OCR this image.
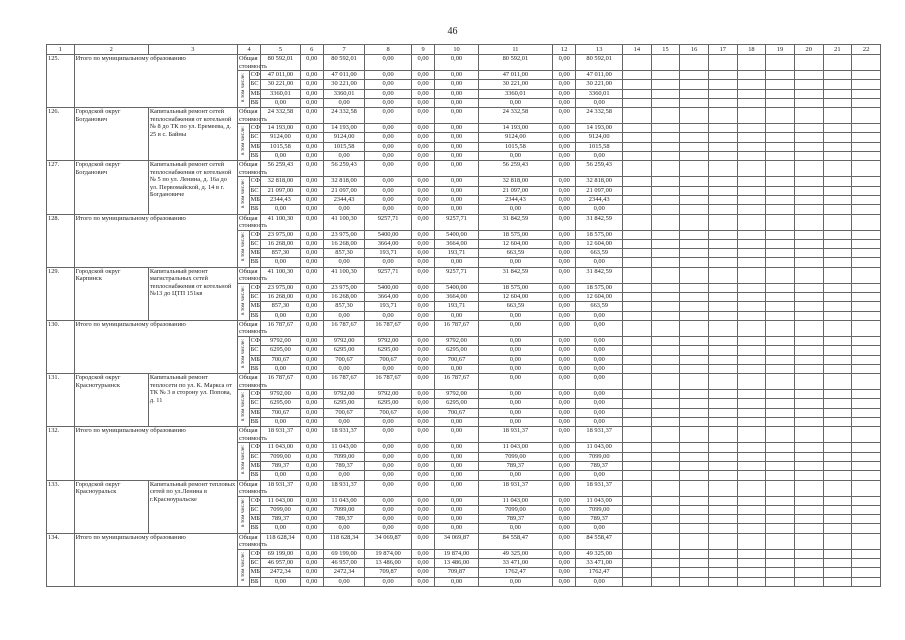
46
1	2	3	4		5	6	7	8	9	10	11	12	13	14	15	16	17	18	19	20	21	22
125.	Итого по муниципальному образованию		Общая стоимость		80 592,01	0,00	80 592,01	0,00	0,00	0,00	80 592,01	0,00	80 592,01									
			в том числе:	СФ	47 011,00	0,00	47 011,00	0,00	0,00	0,00	47 011,00	0,00	47 011,00									
				БС	30 221,00	0,00	30 221,00	0,00	0,00	0,00	30 221,00	0,00	30 221,00									
				МБ	3360,01	0,00	3360,01	0,00	0,00	0,00	3360,01	0,00	3360,01									
				ВБ	0,00	0,00	0,00	0,00	0,00	0,00	0,00	0,00	0,00									
126.	Городской округ Богданович	Капитальный ремонт сетей теплоснабжения от котельной № 8 до ТК по ул. Еремеева, д. 25 в с. Байны	Общая стоимость		24 332,58	0,00	24 332,58	0,00	0,00	0,00	24 332,58	0,00	24 332,58									
			в том числе:	СФ	14 193,00	0,00	14 193,00	0,00	0,00	0,00	14 193,00	0,00	14 193,00									
				БС	9124,00	0,00	9124,00	0,00	0,00	0,00	9124,00	0,00	9124,00									
				МБ	1015,58	0,00	1015,58	0,00	0,00	0,00	1015,58	0,00	1015,58									
				ВБ	0,00	0,00	0,00	0,00	0,00	0,00	0,00	0,00	0,00									
127.	Городской округ Богданович	Капитальный ремонт сетей теплоснабжения от котельной № 5 по ул. Ленина, д. 16а до ул. Первомайской, д. 14 в г. Богдановиче	Общая стоимость		56 259,43	0,00	56 259,43	0,00	0,00	0,00	56 259,43	0,00	56 259,43									
			в том числе:	СФ	32 818,00	0,00	32 818,00	0,00	0,00	0,00	32 818,00	0,00	32 818,00									
				БС	21 097,00	0,00	21 097,00	0,00	0,00	0,00	21 097,00	0,00	21 097,00									
				МБ	2344,43	0,00	2344,43	0,00	0,00	0,00	2344,43	0,00	2344,43									
				ВБ	0,00	0,00	0,00	0,00	0,00	0,00	0,00	0,00	0,00									
128.	Итого по муниципальному образованию		Общая стоимость		41 100,30	0,00	41 100,30	9257,71	0,00	9257,71	31 842,59	0,00	31 842,59									
			в том числе:	СФ	23 975,00	0,00	23 975,00	5400,00	0,00	5400,00	18 575,00	0,00	18 575,00									
				БС	16 268,00	0,00	16 268,00	3664,00	0,00	3664,00	12 604,00	0,00	12 604,00									
				МБ	857,30	0,00	857,30	193,71	0,00	193,71	663,59	0,00	663,59									
				ВБ	0,00	0,00	0,00	0,00	0,00	0,00	0,00	0,00	0,00									
129.	Городской округ Карпинск	Капитальный ремонт магистральных сетей теплоснабжения от котельной №13 до ЦТП 151кв	Общая стоимость		41 100,30	0,00	41 100,30	9257,71	0,00	9257,71	31 842,59	0,00	31 842,59									
			в том числе:	СФ	23 975,00	0,00	23 975,00	5400,00	0,00	5400,00	18 575,00	0,00	18 575,00									
				БС	16 268,00	0,00	16 268,00	3664,00	0,00	3664,00	12 604,00	0,00	12 604,00									
				МБ	857,30	0,00	857,30	193,71	0,00	193,71	663,59	0,00	663,59									
				ВБ	0,00	0,00	0,00	0,00	0,00	0,00	0,00	0,00	0,00									
130.	Итого по муниципальному образованию		Общая стоимость		16 787,67	0,00	16 787,67	16 787,67	0,00	16 787,67	0,00	0,00	0,00									
			в том числе:	СФ	9792,00	0,00	9792,00	9792,00	0,00	9792,00	0,00	0,00	0,00									
				БС	6295,00	0,00	6295,00	6295,00	0,00	6295,00	0,00	0,00	0,00									
				МБ	700,67	0,00	700,67	700,67	0,00	700,67	0,00	0,00	0,00									
				ВБ	0,00	0,00	0,00	0,00	0,00	0,00	0,00	0,00	0,00									
131.	Городской округ Краснотурьинск	Капитальный ремонт теплосети по ул. К. Маркса от ТК № 3 в сторону ул. Попова, д. 11	Общая стоимость		16 787,67	0,00	16 787,67	16 787,67	0,00	16 787,67	0,00	0,00	0,00									
			в том числе:	СФ	9792,00	0,00	9792,00	9792,00	0,00	9792,00	0,00	0,00	0,00									
				БС	6295,00	0,00	6295,00	6295,00	0,00	6295,00	0,00	0,00	0,00									
				МБ	700,67	0,00	700,67	700,67	0,00	700,67	0,00	0,00	0,00									
				ВБ	0,00	0,00	0,00	0,00	0,00	0,00	0,00	0,00	0,00									
132.	Итого по муниципальному образованию		Общая стоимость		18 931,37	0,00	18 931,37	0,00	0,00	0,00	18 931,37	0,00	18 931,37									
			в том числе:	СФ	11 043,00	0,00	11 043,00	0,00	0,00	0,00	11 043,00	0,00	11 043,00									
				БС	7099,00	0,00	7099,00	0,00	0,00	0,00	7099,00	0,00	7099,00									
				МБ	789,37	0,00	789,37	0,00	0,00	0,00	789,37	0,00	789,37									
				ВБ	0,00	0,00	0,00	0,00	0,00	0,00	0,00	0,00	0,00									
133.	Городской округ Красноуральск	Капитальный ремонт тепловых сетей по ул.Ленина в г.Красноуральске	Общая стоимость		18 931,37	0,00	18 931,37	0,00	0,00	0,00	18 931,37	0,00	18 931,37									
			в том числе:	СФ	11 043,00	0,00	11 043,00	0,00	0,00	0,00	11 043,00	0,00	11 043,00									
				БС	7099,00	0,00	7099,00	0,00	0,00	0,00	7099,00	0,00	7099,00									
				МБ	789,37	0,00	789,37	0,00	0,00	0,00	789,37	0,00	789,37									
				ВБ	0,00	0,00	0,00	0,00	0,00	0,00	0,00	0,00	0,00									
134.	Итого по муниципальному образованию		Общая стоимость		118 628,34	0,00	118 628,34	34 069,87	0,00	34 069,87	84 558,47	0,00	84 558,47									
			в том числе:	СФ	69 199,00	0,00	69 199,00	19 874,00	0,00	19 874,00	49 325,00	0,00	49 325,00									
				БС	46 957,00	0,00	46 957,00	13 486,00	0,00	13 486,00	33 471,00	0,00	33 471,00									
				МБ	2472,34	0,00	2472,34	709,87	0,00	709,87	1762,47	0,00	1762,47									
				ВБ	0,00	0,00	0,00	0,00	0,00	0,00	0,00	0,00	0,00									
